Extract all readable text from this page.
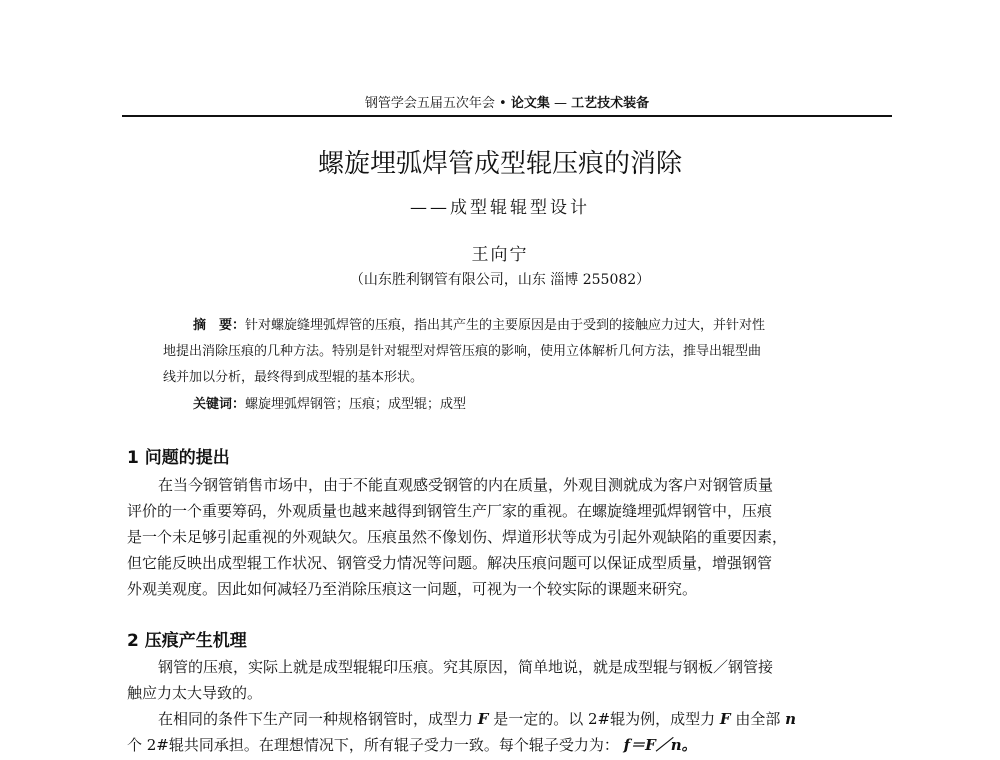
钢管学会五届五次年会 • 论文集 — 工艺技术装备
螺旋埋弧焊管成型辊压痕的消除
——成型辊辊型设计
王向宁
（山东胜利钢管有限公司，山东 淄博 255082）
摘　要：针对螺旋缝埋弧焊管的压痕，指出其产生的主要原因是由于受到的接触应力过大，并针对性
地提出消除压痕的几种方法。特别是针对辊型对焊管压痕的影响，使用立体解析几何方法，推导出辊型曲
线并加以分析，最终得到成型辊的基本形状。
关键词：螺旋埋弧焊钢管；压痕；成型辊；成型
1 问题的提出
在当今钢管销售市场中，由于不能直观感受钢管的内在质量，外观目测就成为客户对钢管质量
评价的一个重要筹码，外观质量也越来越得到钢管生产厂家的重视。在螺旋缝埋弧焊钢管中，压痕
是一个未足够引起重视的外观缺欠。压痕虽然不像划伤、焊道形状等成为引起外观缺陷的重要因素，
但它能反映出成型辊工作状况、钢管受力情况等问题。解决压痕问题可以保证成型质量，增强钢管
外观美观度。因此如何减轻乃至消除压痕这一问题，可视为一个较实际的课题来研究。
2 压痕产生机理
钢管的压痕，实际上就是成型辊辊印压痕。究其原因，简单地说，就是成型辊与钢板／钢管接
触应力太大导致的。
在相同的条件下生产同一种规格钢管时，成型力 F 是一定的。以 2#辊为例，成型力 F 由全部 n
个 2#辊共同承担。在理想情况下，所有辊子受力一致。每个辊子受力为： f＝F／n。
